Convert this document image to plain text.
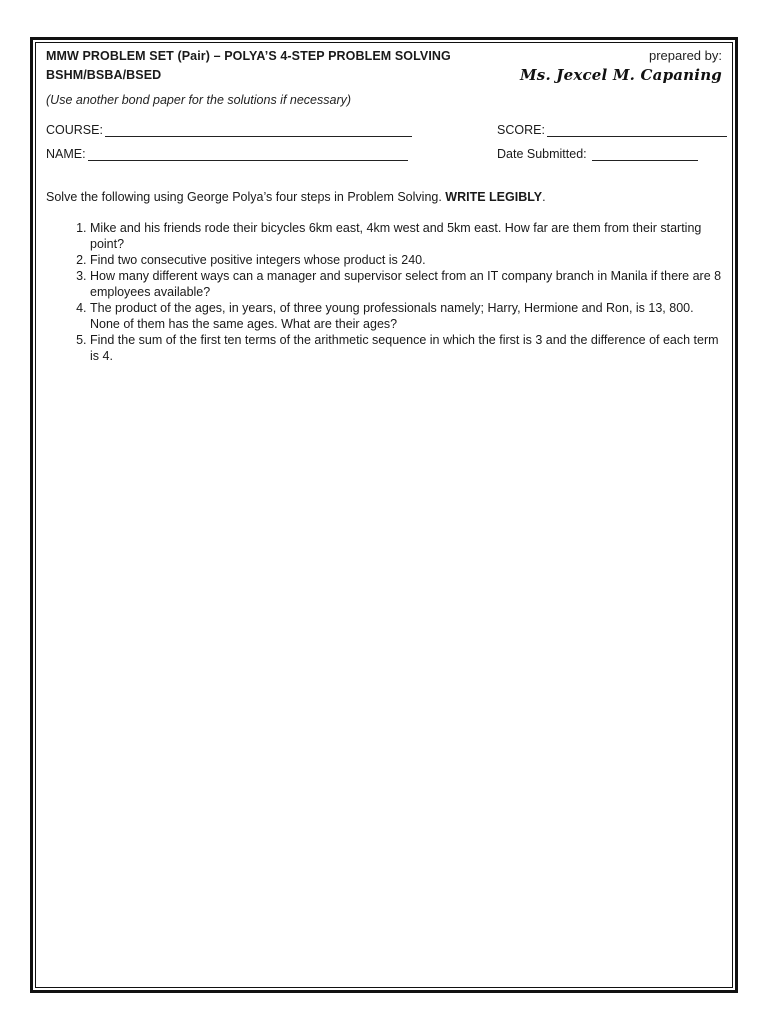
MMW PROBLEM SET (Pair) – POLYA’S 4-STEP PROBLEM SOLVING
BSHM/BSBA/BSED
prepared by:
Ms. Jexcel M. Capaning
(Use another bond paper for the solutions if necessary)
COURSE:	SCORE:
NAME:	Date Submitted:
Solve the following using George Polya’s four steps in Problem Solving. WRITE LEGIBLY.
1. Mike and his friends rode their bicycles 6km east, 4km west and 5km east. How far are them from their starting point?
2. Find two consecutive positive integers whose product is 240.
3. How many different ways can a manager and supervisor select from an IT company branch in Manila if there are 8 employees available?
4. The product of the ages, in years, of three young professionals namely; Harry, Hermione and Ron, is 13, 800. None of them has the same ages. What are their ages?
5. Find the sum of the first ten terms of the arithmetic sequence in which the first is 3 and the difference of each term is 4.
